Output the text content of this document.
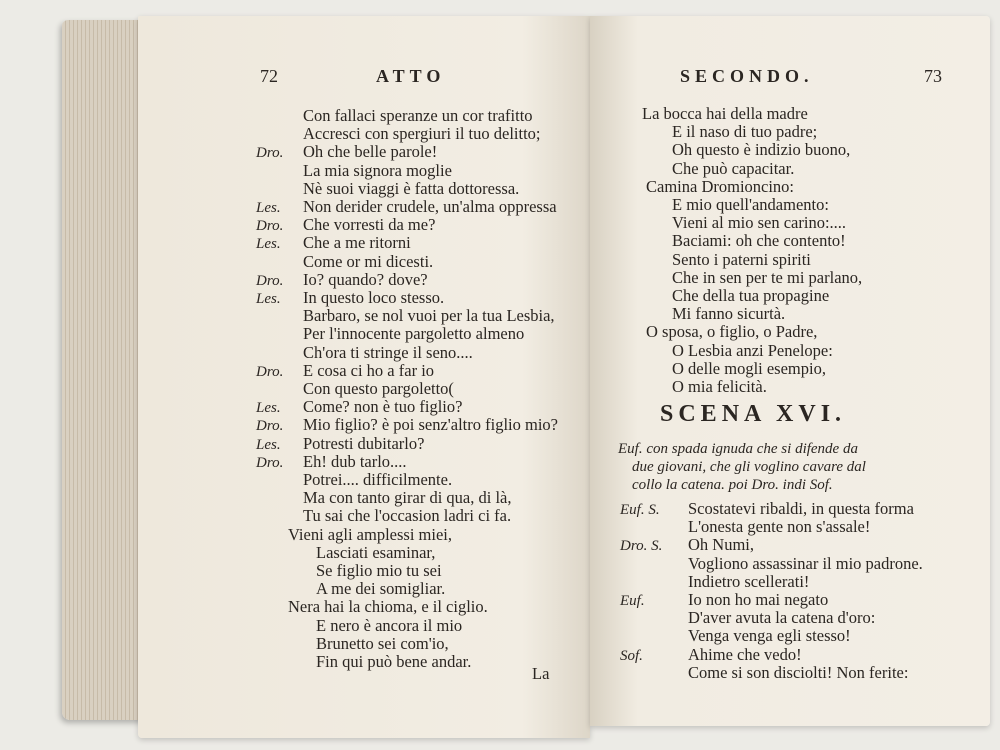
72	ATTO
Con fallaci speranze un cor trafitto
Accresci con spergiuri il tuo delitto;
Dro. Oh che belle parole!
La mia signora moglie
Nè suoi viaggi è fatta dottoressa.
Les. Non derider crudele, un'alma oppressa
Dro. Che vorresti da me?
Les. Che a me ritorni
Come or mi dicesti.
Dro. Io? quando? dove?
Les. In questo loco stesso.
Barbaro, se nol vuoi per la tua Lesbia,
Per l'innocente pargoletto almeno
Ch'ora ti stringe il seno....
Dro. E cosa ci ho a far io
Con questo pargoletto(
Les. Come? non è tuo figlio?
Dro. Mio figlio? è poi senz'altro figlio mio?
Les. Potresti dubitarlo?
Dro. Eh! dub tarlo....
Potrei.... difficilmente.
Ma con tanto girar di qua, di là,
Tu sai che l'occasion ladri ci fa.
Vieni agli amplessi miei,
Lasciati esaminar,
Se figlio mio tu sei
A me dei somigliar.
Nera hai la chioma, e il ciglio.
E nero è ancora il mio
Brunetto sei com'io,
Fin qui può bene andar.
La
SECONDO.	73
La bocca hai della madre
E il naso di tuo padre;
Oh questo è indizio buono,
Che può capacitar.
Camina Dromioncino:
E mio quell'andamento:
Vieni al mio sen carino:....
Baciami: oh che contento!
Sento i paterni spiriti
Che in sen per te mi parlano,
Che della tua propagine
Mi fanno sicurtà.
O sposa, o figlio, o Padre,
O Lesbia anzi Penelope:
O delle mogli esempio,
O mia felicità.
SCENA XVI.
Euf. con spada ignuda che si difende da
due giovani, che gli voglino cavare dal
collo la catena. poi Dro. indi Sof.
Euf. S. Scostatevi ribaldi, in questa forma
L'onesta gente non s'assale!
Dro. S. Oh Numi,
Vogliono assassinar il mio padrone.
Indietro scellerati!
Euf.	Io non ho mai negato
D'aver avuta la catena d'oro:
Venga venga egli stesso!
Sof.	Ahime che vedo!
Come si son disciolti! Non ferite:
